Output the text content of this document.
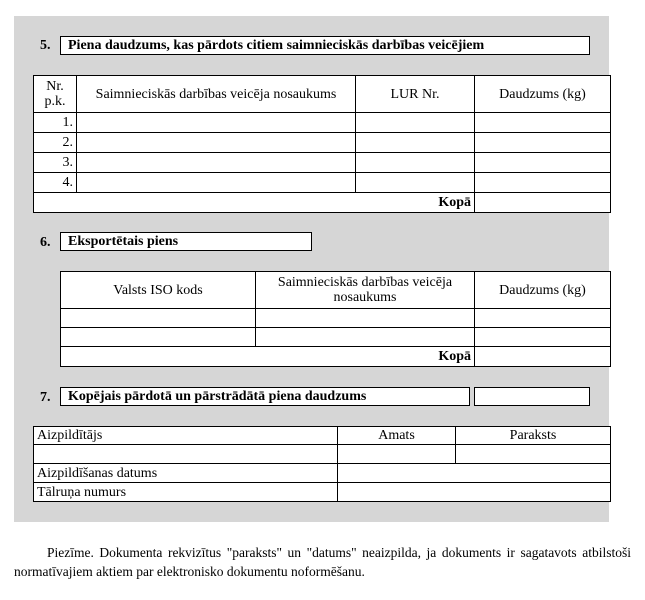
5.	Piena daudzums, kas pārdots citiem saimnieciskās darbības veicējiem
Nr. p.k.	Saimnieciskās darbības veicēja nosaukums	LUR Nr.	Daudzums (kg)
1.			
2.			
3.			
4.			
Kopā			
6.	Eksportētais piens
Valsts ISO kods	Saimnieciskās darbības veicēja nosaukums	Daudzums (kg)

Kopā		
7.	Kopējais pārdotā un pārstrādātā piena daudzums
Aizpildītājs	Amats	Paraksts

Aizpildīšanas datums		
Tālruņa numurs		
Piezīme. Dokumenta rekvizītus "paraksts" un "datums" neaizpilda, ja dokuments ir sagatavots atbilstoši normatīvajiem aktiem par elektronisko dokumentu noformēšanu.
